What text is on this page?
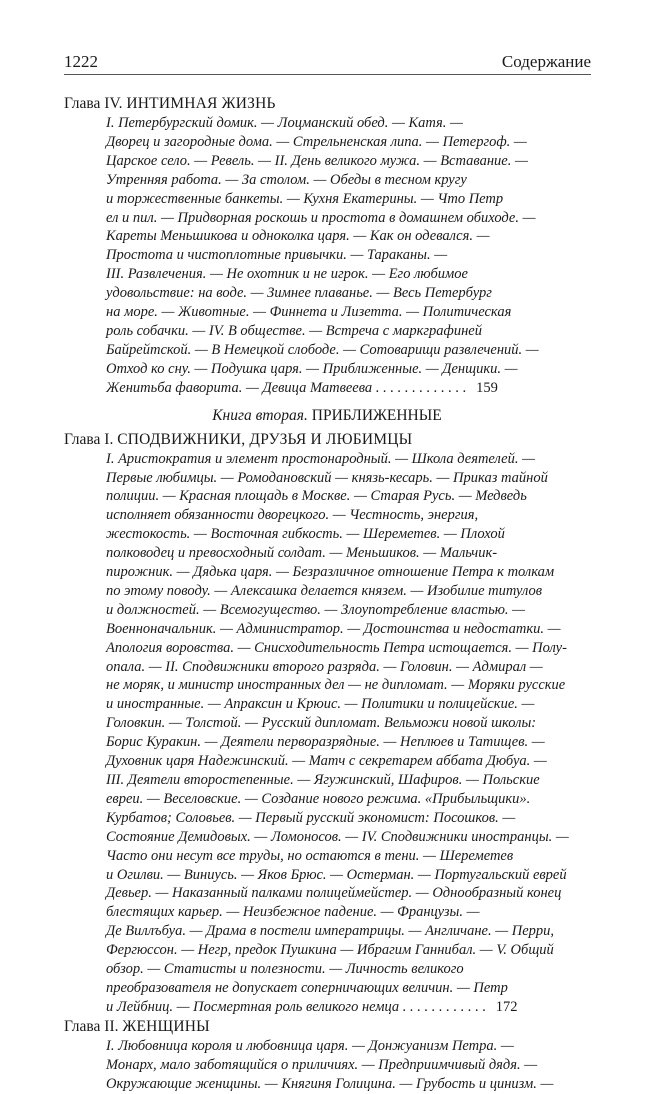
1222	Содержание
Глава IV. ИНТИМНАЯ ЖИЗНЬ
I. Петербургский домик. — Лоцманский обед. — Катя. —
Дворец и загородные дома. — Стрельненская липа. — Петергоф. —
Царское село. — Ревель. — II. День великого мужа. — Вставание. —
Утренняя работа. — За столом. — Обеды в тесном кругу
и торжественные банкеты. — Кухня Екатерины. — Что Петр
ел и пил. — Придворная роскошь и простота в домашнем обиходе. —
Кареты Меньшикова и одноколка царя. — Как он одевался. —
Простота и чистоплотные привычки. — Тараканы. —
III. Развлечения. — Не охотник и не игрок. — Его любимое
удовольствие: на воде. — Зимнее плаванье. — Весь Петербург
на море. — Животные. — Финнета и Лизетта. — Политическая
роль собачки. — IV. В обществе. — Встреча с маркграфиней
Байрейтской. — В Немецкой слободе. — Сотоварищи развлечений. —
Отход ко сну. — Подушка царя. — Приближенные. — Денщики. —
Женитьба фаворита. — Девица Матвеева . . . . . . . . . . . . . 159
Книга вторая. ПРИБЛИЖЕННЫЕ
Глава I. СПОДВИЖНИКИ, ДРУЗЬЯ И ЛЮБИМЦЫ
I. Аристократия и элемент простонародный. — Школа деятелей. —
Первые любимцы. — Ромодановский — князь-кесарь. — Приказ тайной
полиции. — Красная площадь в Москве. — Старая Русь. — Медведь
исполняет обязанности дворецкого. — Честность, энергия,
жестокость. — Восточная гибкость. — Шереметев. — Плохой
полководец и превосходный солдат. — Меньшиков. — Мальчик-
пирожник. — Дядька царя. — Безразличное отношение Петра к толкам
по этому поводу. — Алексашка делается князем. — Изобилие титулов
и должностей. — Всемогущество. — Злоупотребление властью. —
Военноначальник. — Администратор. — Достоинства и недостатки. —
Апология воровства. — Снисходительность Петра истощается. — Полу-
опала. — II. Сподвижники второго разряда. — Головин. — Адмирал —
не моряк, и министр иностранных дел — не дипломат. — Моряки русские
и иностранные. — Апраксин и Крюис. — Политики и полицейские. —
Головкин. — Толстой. — Русский дипломат. Вельможи новой школы:
Борис Куракин. — Деятели перворазрядные. — Неплюев и Татищев. —
Духовник царя Надежинский. — Матч с секретарем аббата Дюбуа. —
III. Деятели второстепенные. — Ягужинский, Шафиров. — Польские
евреи. — Веселовские. — Создание нового режима. «Прибыльщики».
Курбатов; Соловьев. — Первый русский экономист: Посошков. —
Состояние Демидовых. — Ломоносов. — IV. Сподвижники иностранцы. —
Часто они несут все труды, но остаются в тени. — Шереметев
и Огилви. — Виниусь. — Яков Брюс. — Остерман. — Португальский еврей
Девьер. — Наказанный палками полицеймейстер. — Однообразный конец
блестящих карьер. — Неизбежное падение. — Французы. —
Де Виллъбуа. — Драма в постели императрицы. — Англичане. — Перри,
Фергюссон. — Негр, предок Пушкина — Ибрагим Ганнибал. — V. Общий
обзор. — Статисты и полезности. — Личность великого
преобразователя не допускает соперничающих величин. — Петр
и Лейбниц. — Посмертная роль великого немца . . . . . . . . . . . . 172
Глава II. ЖЕНЩИНЫ
I. Любовница короля и любовница царя. — Донжуанизм Петра. —
Монарх, мало заботящийся о приличиях. — Предприимчивый дядя. —
Окружающие женщины. — Княгиня Голицина. — Грубость и цинизм. —
